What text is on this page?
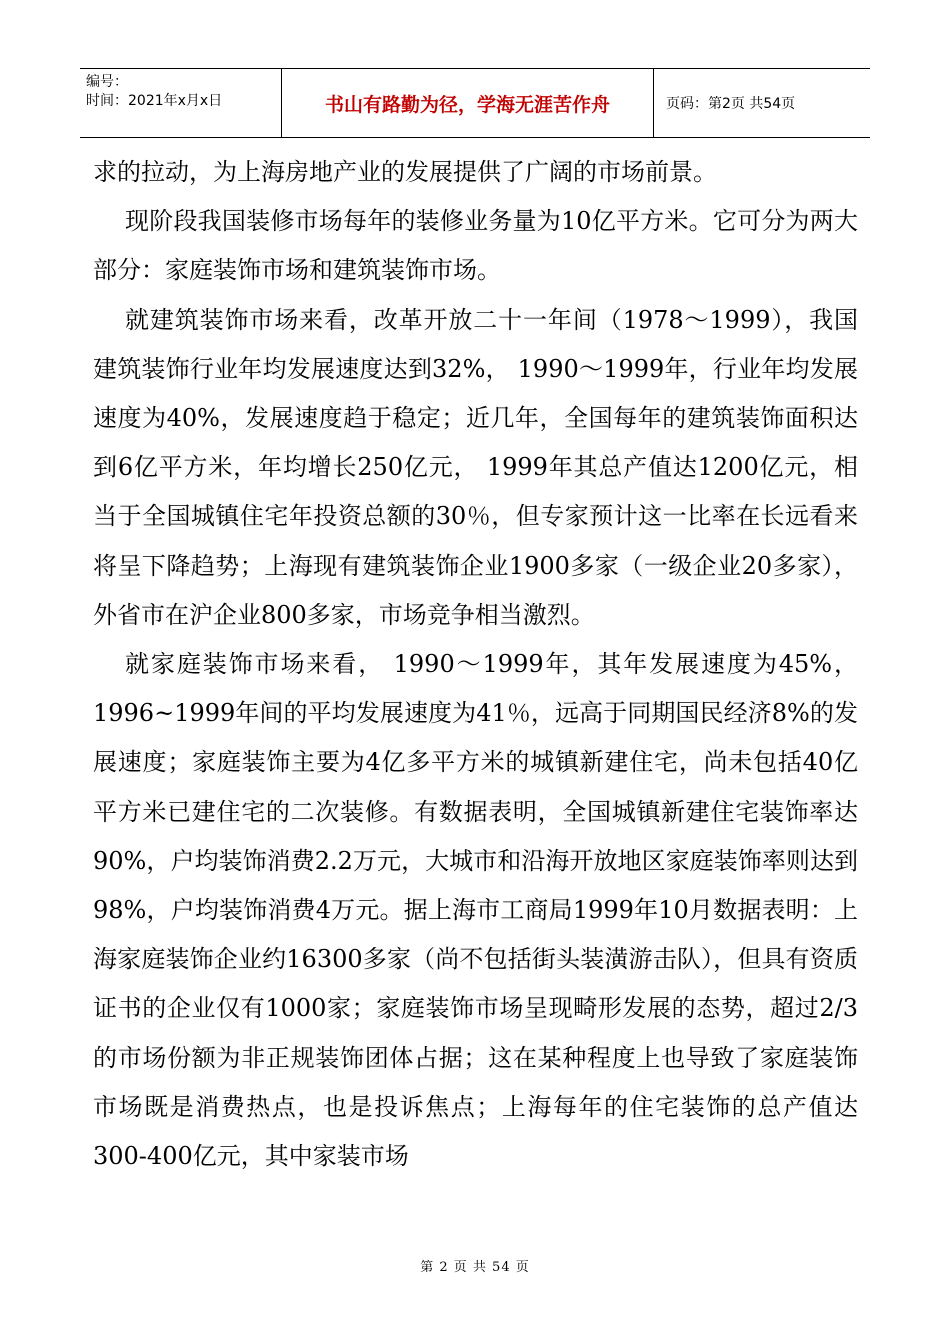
编号：
时间：2021年x月x日	书山有路勤为径，学海无涯苦作舟	页码：第2页 共54页

求的拉动，为上海房地产业的发展提供了广阔的市场前景。

现阶段我国装修市场每年的装修业务量为10亿平方米。它可分为两大部分：家庭装饰市场和建筑装饰市场。

就建筑装饰市场来看，改革开放二十一年间（1978～1999），我国建筑装饰行业年均发展速度达到32%， 1990～1999年，行业年均发展速度为40%，发展速度趋于稳定；近几年，全国每年的建筑装饰面积达到6亿平方米，年均增长250亿元， 1999年其总产值达1200亿元，相当于全国城镇住宅年投资总额的30％，但专家预计这一比率在长远看来将呈下降趋势；上海现有建筑装饰企业1900多家（一级企业20多家），外省市在沪企业800多家，市场竞争相当激烈。

就家庭装饰市场来看， 1990～1999年，其年发展速度为45%，1996~1999年间的平均发展速度为41％，远高于同期国民经济8%的发展速度；家庭装饰主要为4亿多平方米的城镇新建住宅，尚未包括40亿平方米已建住宅的二次装修。有数据表明，全国城镇新建住宅装饰率达90%，户均装饰消费2.2万元，大城市和沿海开放地区家庭装饰率则达到98%，户均装饰消费4万元。据上海市工商局1999年10月数据表明：上海家庭装饰企业约16300多家（尚不包括街头装潢游击队），但具有资质证书的企业仅有1000家；家庭装饰市场呈现畸形发展的态势，超过2/3的市场份额为非正规装饰团体占据；这在某种程度上也导致了家庭装饰市场既是消费热点，也是投诉焦点；上海每年的住宅装饰的总产值达300-400亿元，其中家装市场

第 2 页 共 54 页
